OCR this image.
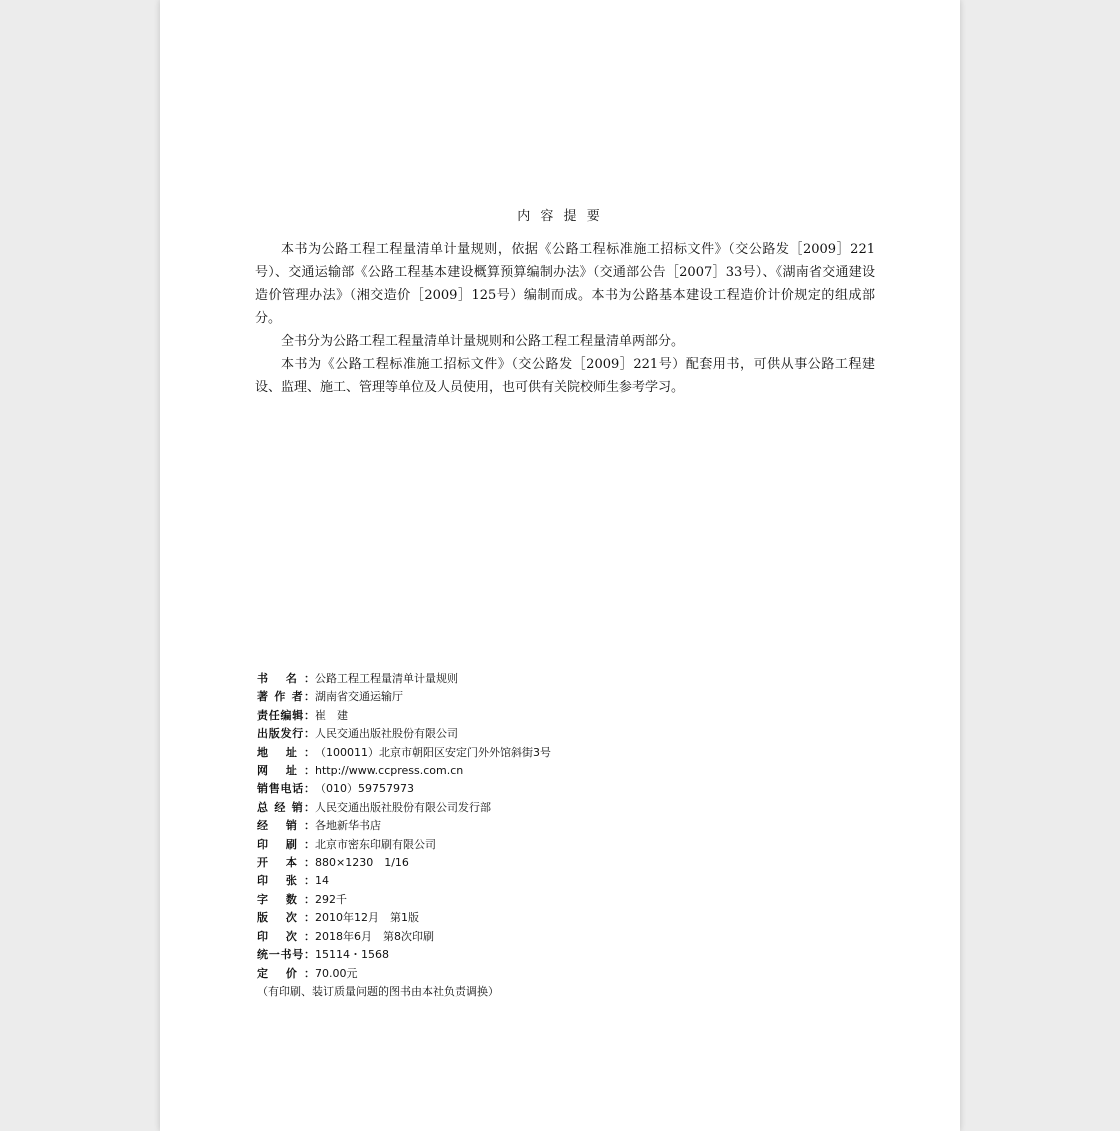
内 容 提 要

本书为公路工程工程量清单计量规则，依据《公路工程标准施工招标文件》（交公路发［2009］221号）、交通运输部《公路工程基本建设概算预算编制办法》（交通部公告［2007］33号）、《湖南省交通建设造价管理办法》（湘交造价［2009］125号）编制而成。本书为公路基本建设工程造价计价规定的组成部分。

全书分为公路工程工程量清单计量规则和公路工程工程量清单两部分。

本书为《公路工程标准施工招标文件》（交公路发［2009］221号）配套用书，可供从事公路工程建设、监理、施工、管理等单位及人员使用，也可供有关院校师生参考学习。

书 名： 公路工程工程量清单计量规则
著 作 者： 湖南省交通运输厅
责任编辑： 崔　建
出版发行： 人民交通出版社股份有限公司
地 址： （100011）北京市朝阳区安定门外外馆斜街3号
网 址： http://www.ccpress.com.cn
销售电话： （010）59757973
总 经 销： 人民交通出版社股份有限公司发行部
经 销： 各地新华书店
印 刷： 北京市密东印刷有限公司
开 本： 880×1230　1/16
印 张： 14
字 数： 292千
版 次： 2010年12月　第1版
印 次： 2018年6月　第8次印刷
统一书号： 15114・1568
定 价： 70.00元
（有印刷、装订质量问题的图书由本社负责调换）
